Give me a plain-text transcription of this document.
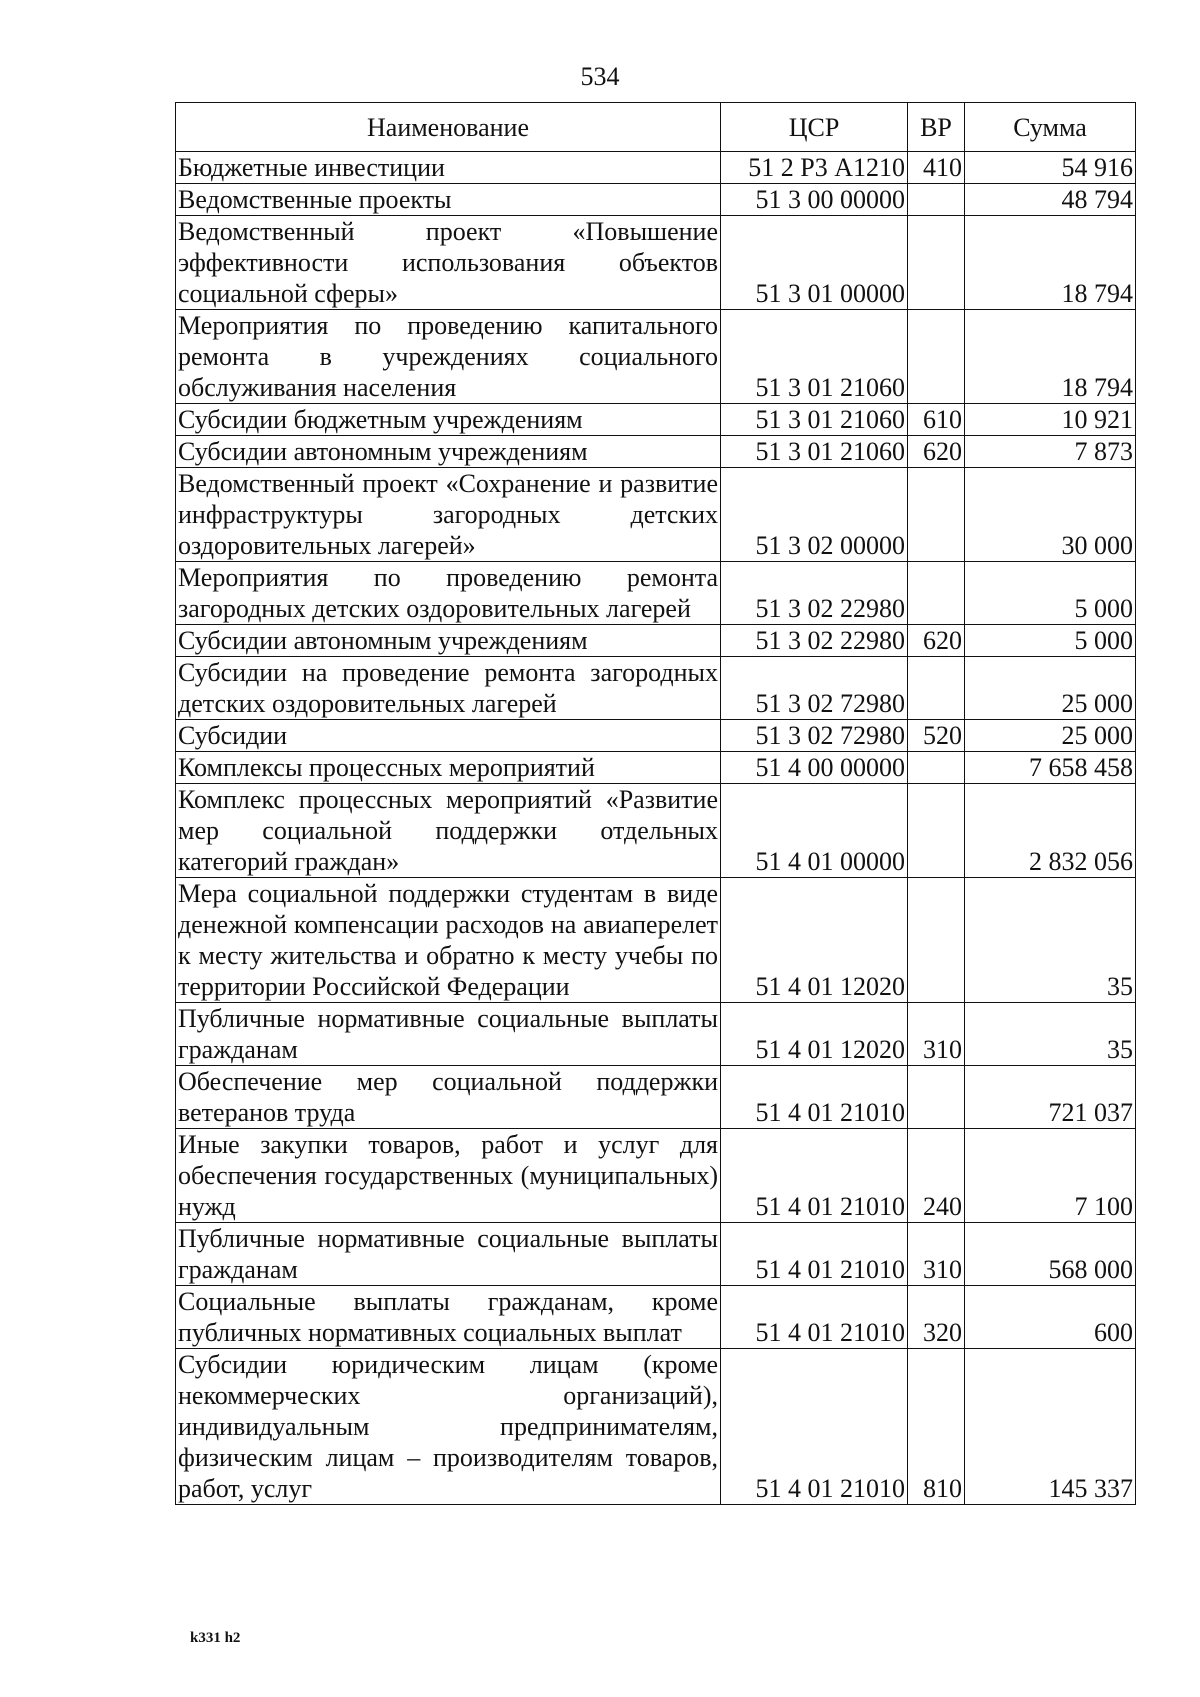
534
Наименование	ЦСР	ВР	Сумма
Бюджетные инвестиции	51 2 Р3 А1210	410	54 916
Ведомственные проекты	51 3 00 00000		48 794
Ведомственный проект «Повышение эффективности использования объектов социальной сферы»	51 3 01 00000		18 794
Мероприятия по проведению капитального ремонта в учреждениях социального обслуживания населения	51 3 01 21060		18 794
Субсидии бюджетным учреждениям	51 3 01 21060	610	10 921
Субсидии автономным учреждениям	51 3 01 21060	620	7 873
Ведомственный проект «Сохранение и развитие инфраструктуры загородных детских оздоровительных лагерей»	51 3 02 00000		30 000
Мероприятия по проведению ремонта загородных детских оздоровительных лагерей	51 3 02 22980		5 000
Субсидии автономным учреждениям	51 3 02 22980	620	5 000
Субсидии на проведение ремонта загородных детских оздоровительных лагерей	51 3 02 72980		25 000
Субсидии	51 3 02 72980	520	25 000
Комплексы процессных мероприятий	51 4 00 00000		7 658 458
Комплекс процессных мероприятий «Развитие мер социальной поддержки отдельных категорий граждан»	51 4 01 00000		2 832 056
Мера социальной поддержки студентам в виде денежной компенсации расходов на авиаперелет к месту жительства и обратно к месту учебы по территории Российской Федерации	51 4 01 12020		35
Публичные нормативные социальные выплаты гражданам	51 4 01 12020	310	35
Обеспечение мер социальной поддержки ветеранов труда	51 4 01 21010		721 037
Иные закупки товаров, работ и услуг для обеспечения государственных (муниципальных) нужд	51 4 01 21010	240	7 100
Публичные нормативные социальные выплаты гражданам	51 4 01 21010	310	568 000
Социальные выплаты гражданам, кроме публичных нормативных социальных выплат	51 4 01 21010	320	600
Субсидии юридическим лицам (кроме некоммерческих организаций), индивидуальным предпринимателям, физическим лицам – производителям товаров, работ, услуг	51 4 01 21010	810	145 337
k331 h2
